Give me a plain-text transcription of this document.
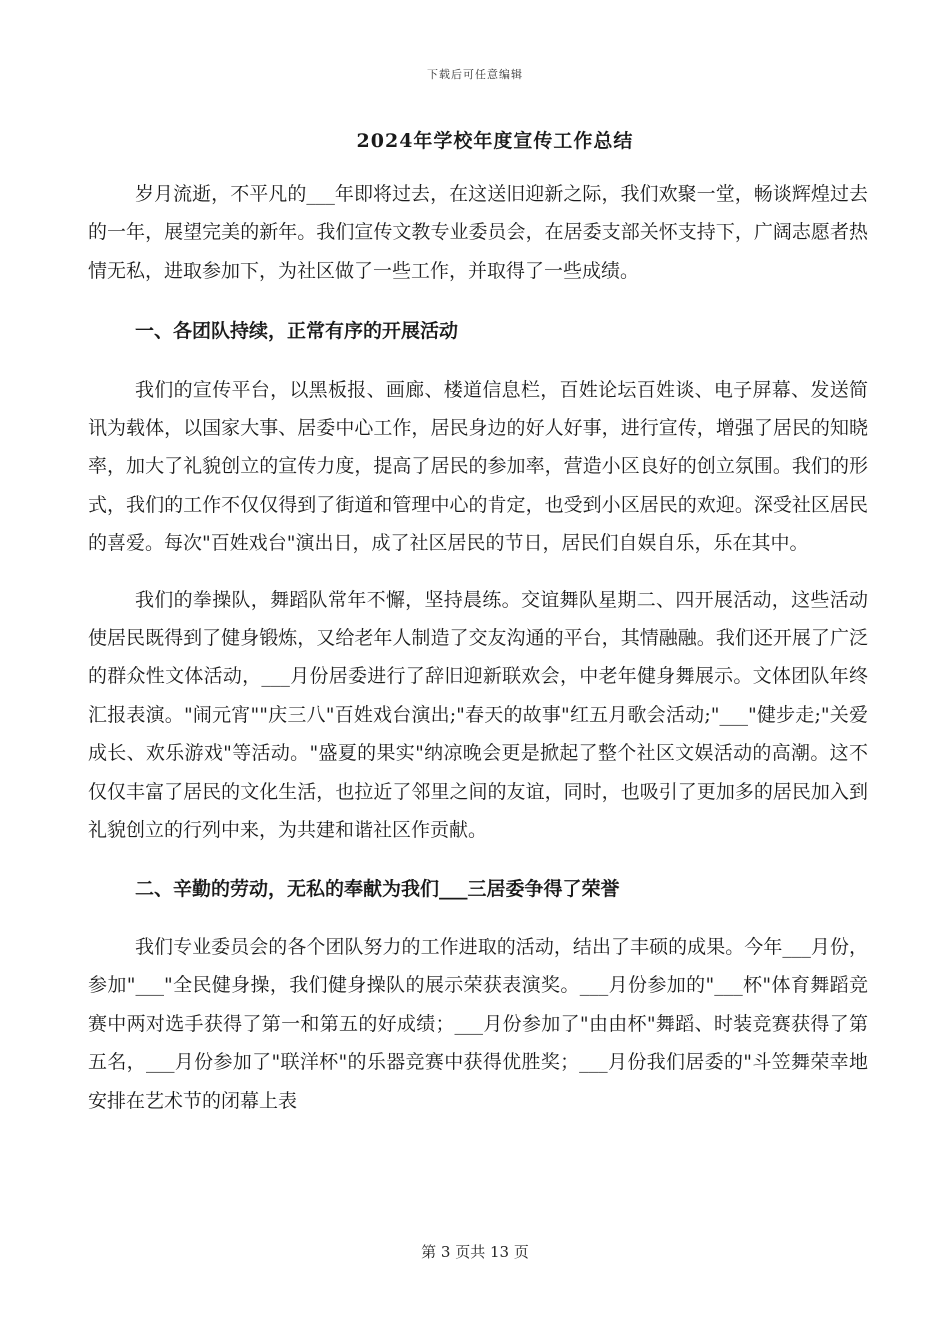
下载后可任意编辑
2024年学校年度宣传工作总结

岁月流逝，不平凡的___年即将过去，在这送旧迎新之际，我们欢聚一堂，畅谈辉煌过去的一年，展望完美的新年。我们宣传文教专业委员会，在居委支部关怀支持下，广阔志愿者热情无私，进取参加下，为社区做了一些工作，并取得了一些成绩。

一、各团队持续，正常有序的开展活动

我们的宣传平台，以黑板报、画廊、楼道信息栏，百姓论坛百姓谈、电子屏幕、发送简讯为载体，以国家大事、居委中心工作，居民身边的好人好事，进行宣传，增强了居民的知晓率，加大了礼貌创立的宣传力度，提高了居民的参加率，营造小区良好的创立氛围。我们的形式，我们的工作不仅仅得到了街道和管理中心的肯定，也受到小区居民的欢迎。深受社区居民的喜爱。每次"百姓戏台"演出日，成了社区居民的节日，居民们自娱自乐，乐在其中。

我们的拳操队，舞蹈队常年不懈，坚持晨练。交谊舞队星期二、四开展活动，这些活动使居民既得到了健身锻炼，又给老年人制造了交友沟通的平台，其情融融。我们还开展了广泛的群众性文体活动，___月份居委进行了辞旧迎新联欢会，中老年健身舞展示。文体团队年终汇报表演。"闹元宵""庆三八"百姓戏台演出;"春天的故事"红五月歌会活动;"___"健步走;"关爱成长、欢乐游戏"等活动。"盛夏的果实"纳凉晚会更是掀起了整个社区文娱活动的高潮。这不仅仅丰富了居民的文化生活，也拉近了邻里之间的友谊，同时，也吸引了更加多的居民加入到礼貌创立的行列中来，为共建和谐社区作贡献。

二、辛勤的劳动，无私的奉献为我们___三居委争得了荣誉

我们专业委员会的各个团队努力的工作进取的活动，结出了丰硕的成果。今年___月份，参加"___"全民健身操，我们健身操队的展示荣获表演奖。___月份参加的"___杯"体育舞蹈竞赛中两对选手获得了第一和第五的好成绩；___月份参加了"由由杯"舞蹈、时装竞赛获得了第五名，___月份参加了"联洋杯"的乐器竞赛中获得优胜奖；___月份我们居委的"斗笠舞荣幸地安排在艺术节的闭幕上表

第 3 页共 13 页
